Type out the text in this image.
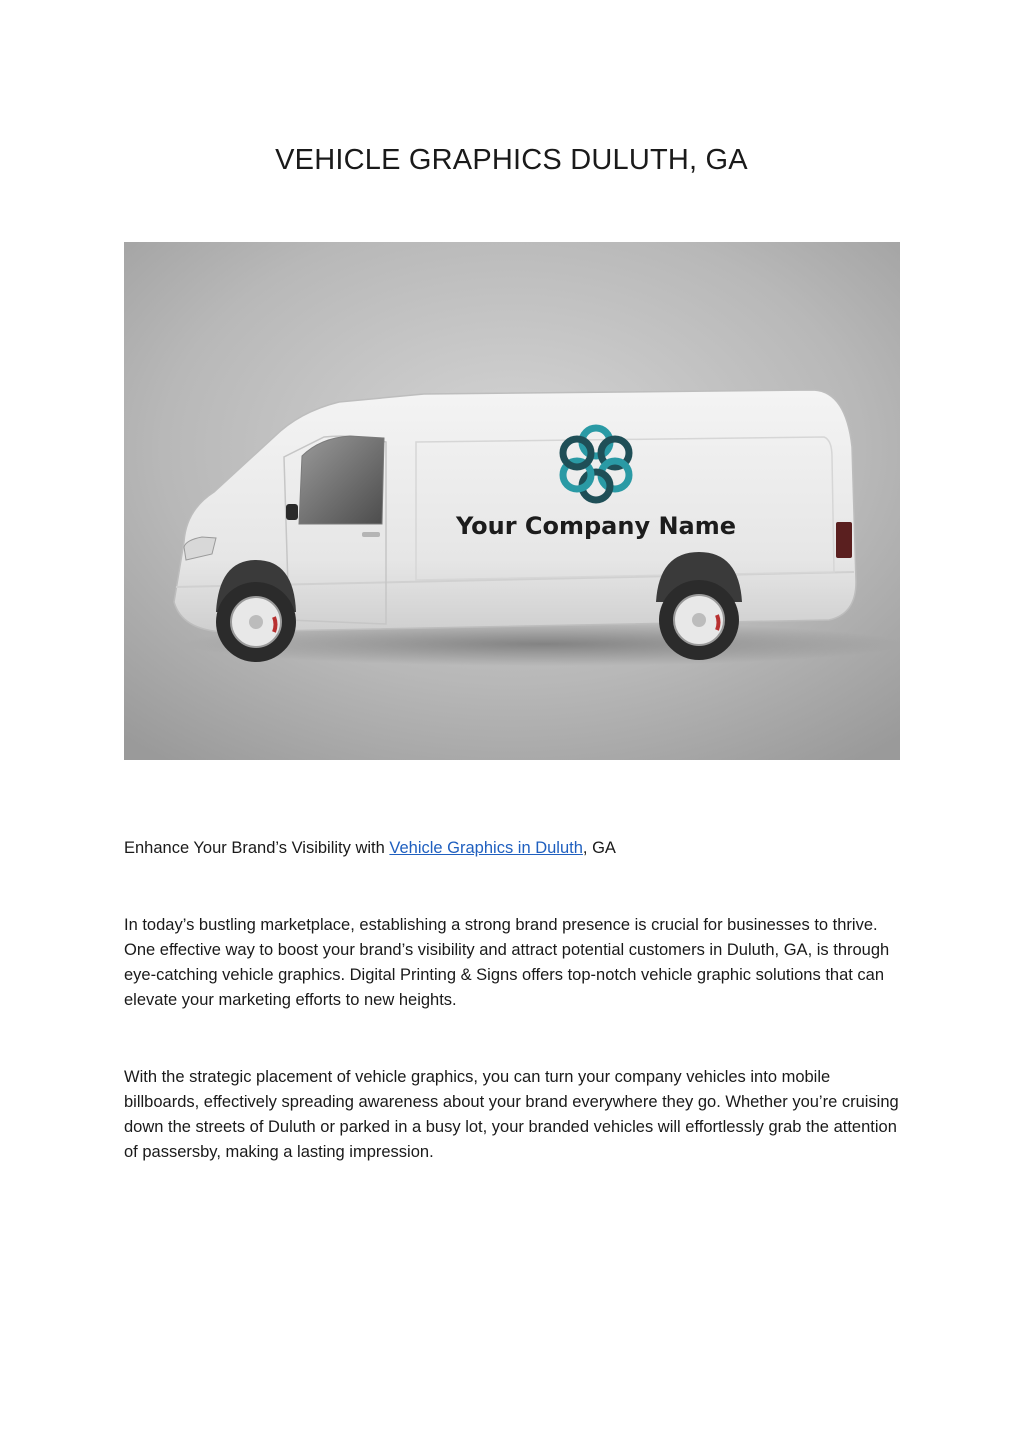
VEHICLE GRAPHICS DULUTH, GA
Your Company Name

Enhance Your Brand’s Visibility with Vehicle Graphics in Duluth, GA

In today’s bustling marketplace, establishing a strong brand presence is crucial for businesses to thrive. One effective way to boost your brand’s visibility and attract potential customers in Duluth, GA, is through eye-catching vehicle graphics. Digital Printing & Signs offers top-notch vehicle graphic solutions that can elevate your marketing efforts to new heights.

With the strategic placement of vehicle graphics, you can turn your company vehicles into mobile billboards, effectively spreading awareness about your brand everywhere they go. Whether you’re cruising down the streets of Duluth or parked in a busy lot, your branded vehicles will effortlessly grab the attention of passersby, making a lasting impression.
